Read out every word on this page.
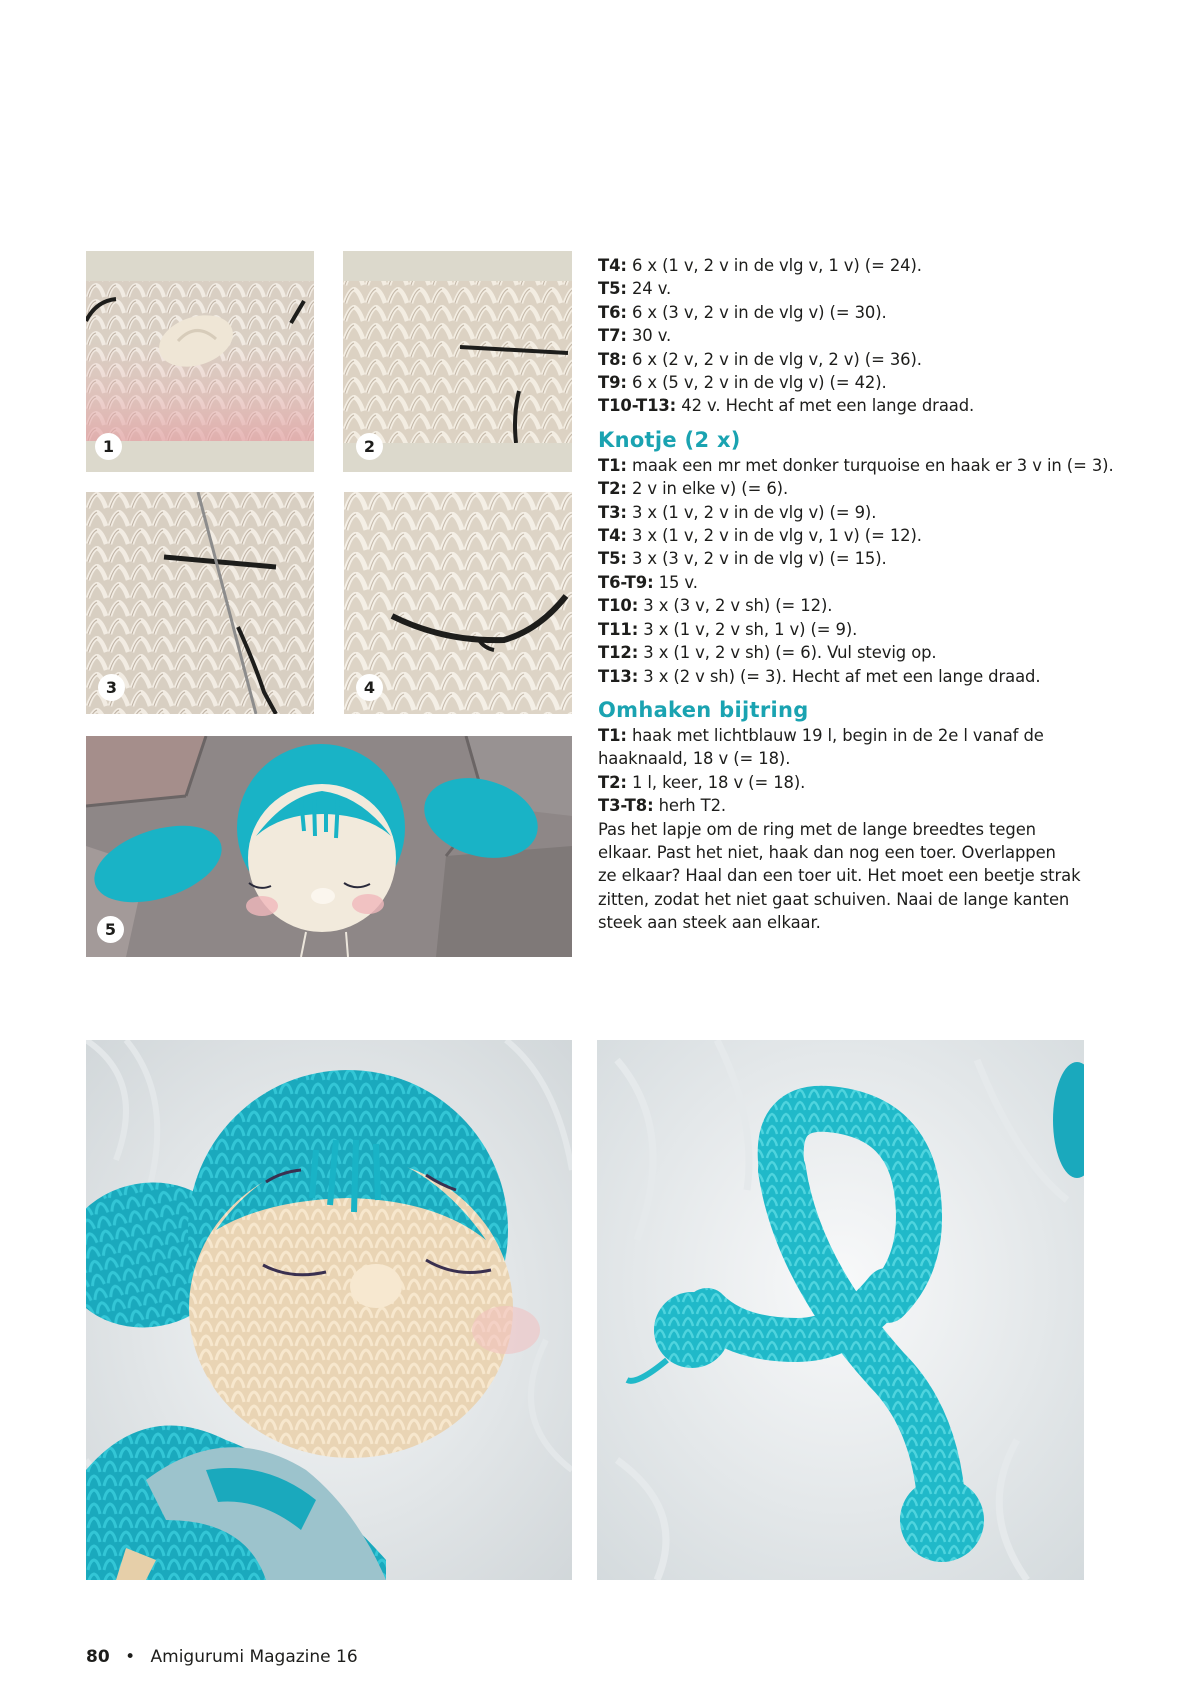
1	2
3	4
5
T4: 6 x (1 v, 2 v in de vlg v, 1 v) (= 24).
T5: 24 v.
T6: 6 x (3 v, 2 v in de vlg v) (= 30).
T7: 30 v.
T8: 6 x (2 v, 2 v in de vlg v, 2 v) (= 36).
T9: 6 x (5 v, 2 v in de vlg v) (= 42).
T10-T13: 42 v. Hecht af met een lange draad.
Knotje (2 x)
T1: maak een mr met donker turquoise en haak er 3 v in (= 3).
T2: 2 v in elke v) (= 6).
T3: 3 x (1 v, 2 v in de vlg v) (= 9).
T4: 3 x (1 v, 2 v in de vlg v, 1 v) (= 12).
T5: 3 x (3 v, 2 v in de vlg v) (= 15).
T6-T9: 15 v.
T10: 3 x (3 v, 2 v sh) (= 12).
T11: 3 x (1 v, 2 v sh, 1 v) (= 9).
T12: 3 x (1 v, 2 v sh) (= 6). Vul stevig op.
T13: 3 x (2 v sh) (= 3). Hecht af met een lange draad.
Omhaken bijtring
T1: haak met lichtblauw 19 l, begin in de 2e l vanaf de
haaknaald, 18 v (= 18).
T2: 1 l, keer, 18 v (= 18).
T3-T8: herh T2.
Pas het lapje om de ring met de lange breedtes tegen
elkaar. Past het niet, haak dan nog een toer. Overlappen
ze elkaar? Haal dan een toer uit. Het moet een beetje strak
zitten, zodat het niet gaat schuiven. Naai de lange kanten
steek aan steek aan elkaar.
80 • Amigurumi Magazine 16
